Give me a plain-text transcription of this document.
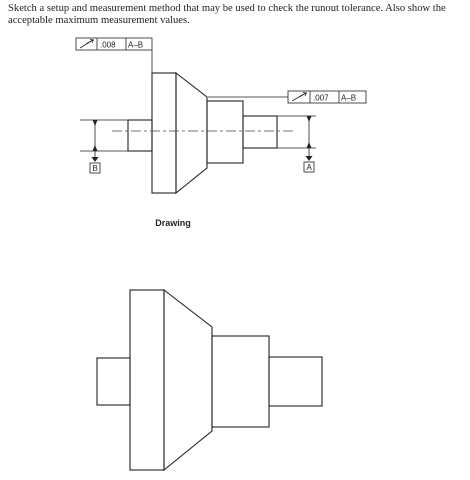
Sketch a setup and measurement method that may be used to check the runout tolerance. Also show the acceptable maximum measurement values.
.008 A–B
.007 A–B
B	A
Drawing
